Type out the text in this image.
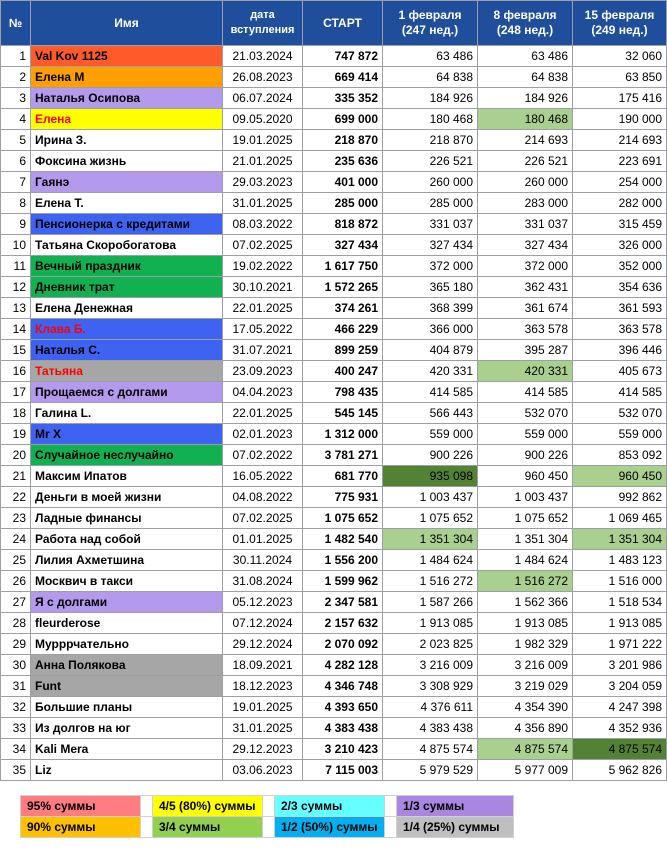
№	Имя	дата вступления	СТАРТ	1 февраля (247 нед.)	8 февраля (248 нед.)	15 февраля (249 нед.)
1	Val Kov 1125	21.03.2024	747 872	63 486	63 486	32 060
2	Елена М	26.08.2023	669 414	64 838	64 838	63 850
3	Наталья Осипова	06.07.2024	335 352	184 926	184 926	175 416
4	Елена	09.05.2020	699 000	180 468	180 468	190 000
5	Ирина З.	19.01.2025	218 870	218 870	214 693	214 693
6	Фоксина жизнь	21.01.2025	235 636	226 521	226 521	223 691
7	Гаянэ	29.03.2023	401 000	260 000	260 000	254 000
8	Елена Т.	31.01.2025	285 000	285 000	283 000	282 000
9	Пенсионерка с кредитами	08.03.2022	818 872	331 037	331 037	315 459
10	Татьяна Скоробогатова	07.02.2025	327 434	327 434	327 434	326 000
11	Вечный праздник	19.02.2022	1 617 750	372 000	372 000	352 000
12	Дневник трат	30.10.2021	1 572 265	365 180	362 431	354 636
13	Елена Денежная	22.01.2025	374 261	368 399	361 674	361 593
14	Клава Б.	17.05.2022	466 229	366 000	363 578	363 578
15	Наталья С.	31.07.2021	899 259	404 879	395 287	396 446
16	Татьяна	23.09.2023	400 247	420 331	420 331	405 673
17	Прощаемся с долгами	04.04.2023	798 435	414 585	414 585	414 585
18	Галина L.	22.01.2025	545 145	566 443	532 070	532 070
19	Mr X	02.01.2023	1 312 000	559 000	559 000	559 000
20	Случайное неслучайно	07.02.2022	3 781 271	900 226	900 226	853 092
21	Максим Ипатов	16.05.2022	681 770	935 098	960 450	960 450
22	Деньги в моей жизни	04.08.2022	775 931	1 003 437	1 003 437	992 862
23	Ладные финансы	07.02.2025	1 075 652	1 075 652	1 075 652	1 069 465
24	Работа над собой	01.01.2025	1 482 540	1 351 304	1 351 304	1 351 304
25	Лилия Ахметшина	30.11.2024	1 556 200	1 484 624	1 484 624	1 483 123
26	Москвич в такси	31.08.2024	1 599 962	1 516 272	1 516 272	1 516 000
27	Я с долгами	05.12.2023	2 347 581	1 587 266	1 562 366	1 518 534
28	fleurderose	07.12.2024	2 157 632	1 913 085	1 913 085	1 913 085
29	Мурррчательно	29.12.2024	2 070 092	2 023 825	1 982 329	1 971 222
30	Анна Полякова	18.09.2021	4 282 128	3 216 009	3 216 009	3 201 986
31	Funt	18.12.2023	4 346 748	3 308 929	3 219 029	3 204 059
32	Большие планы	19.01.2025	4 393 650	4 376 611	4 354 390	4 247 398
33	Из долгов на юг	31.01.2025	4 383 438	4 383 438	4 356 890	4 352 936
34	Kali Mera	29.12.2023	3 210 423	4 875 574	4 875 574	4 875 574
35	Liz	03.06.2023	7 115 003	5 979 529	5 977 009	5 962 826
95% суммы		4/5 (80%) суммы		2/3 суммы		1/3 суммы
90% суммы		3/4 суммы		1/2 (50%) суммы		1/4 (25%) суммы
